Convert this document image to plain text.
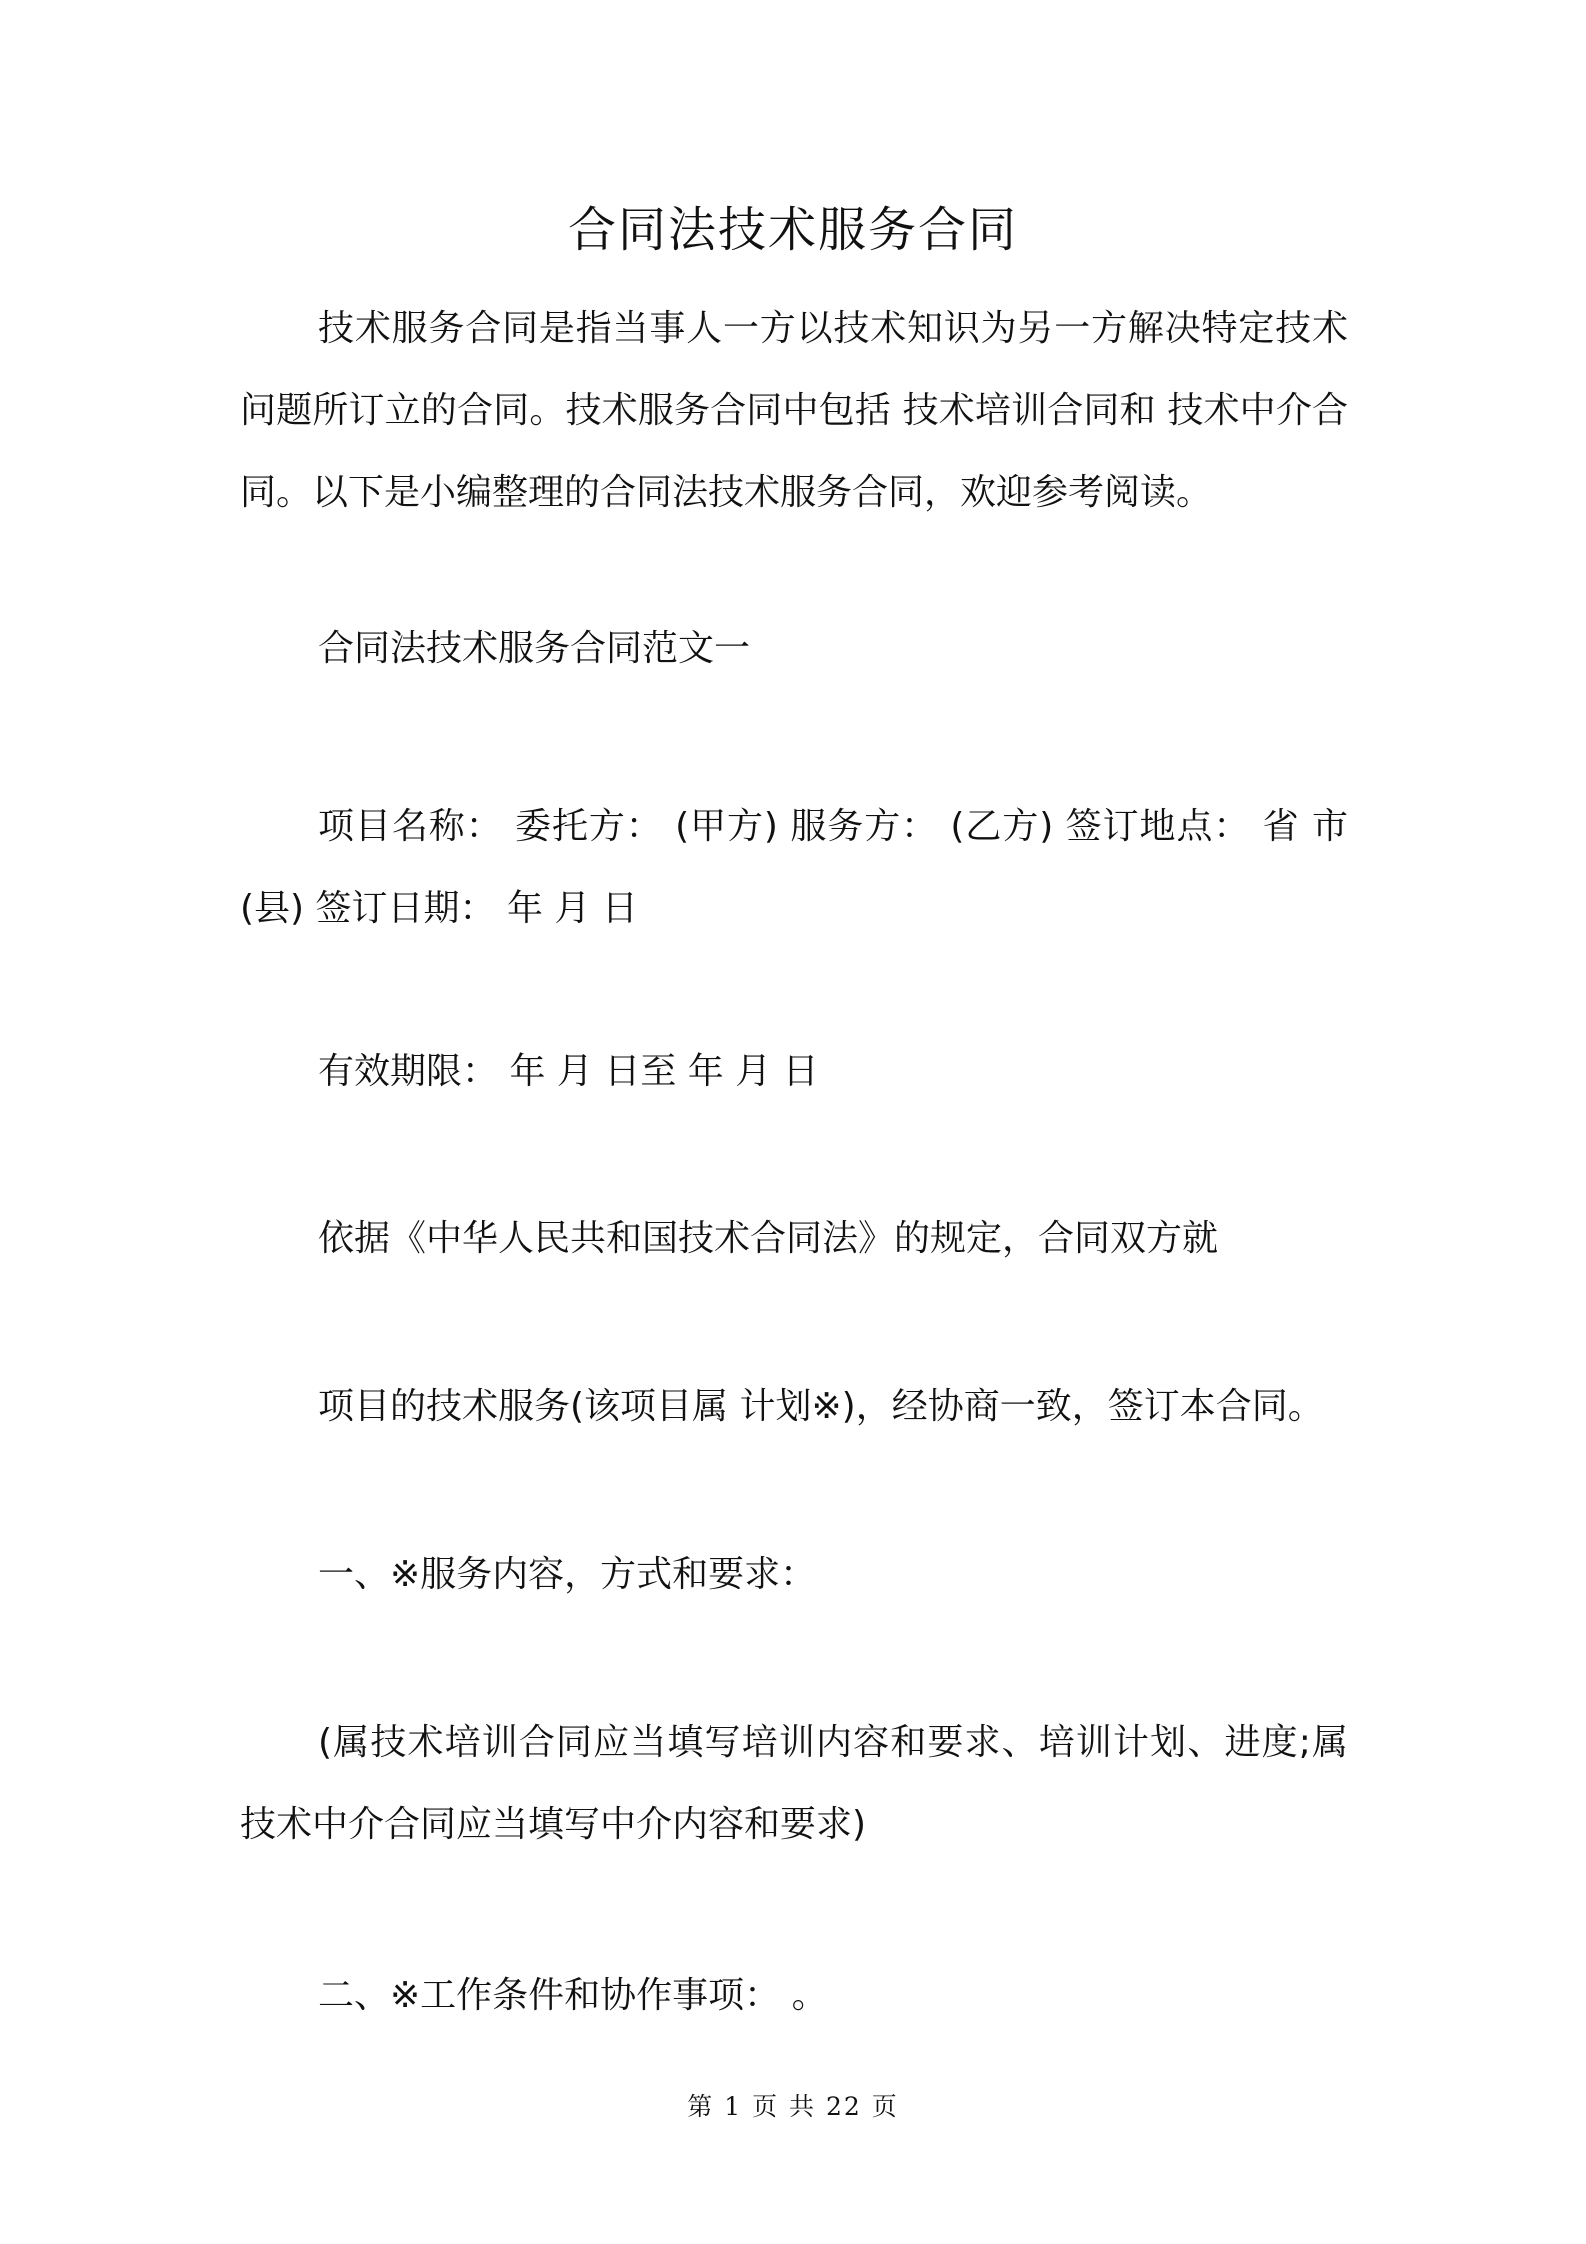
合同法技术服务合同

技术服务合同是指当事人一方以技术知识为另一方解决特定技术问题所订立的合同。技术服务合同中包括 技术培训合同和 技术中介合同。以下是小编整理的合同法技术服务合同，欢迎参考阅读。

合同法技术服务合同范文一

项目名称： 委托方： (甲方) 服务方： (乙方) 签订地点： 省 市 (县) 签订日期： 年 月 日

有效期限： 年 月 日至 年 月 日

依据《中华人民共和国技术合同法》的规定，合同双方就

项目的技术服务(该项目属 计划※)，经协商一致，签订本合同。

一、※服务内容，方式和要求：

(属技术培训合同应当填写培训内容和要求、培训计划、进度;属技术中介合同应当填写中介内容和要求)

二、※工作条件和协作事项： 。

第 1 页 共 22 页
